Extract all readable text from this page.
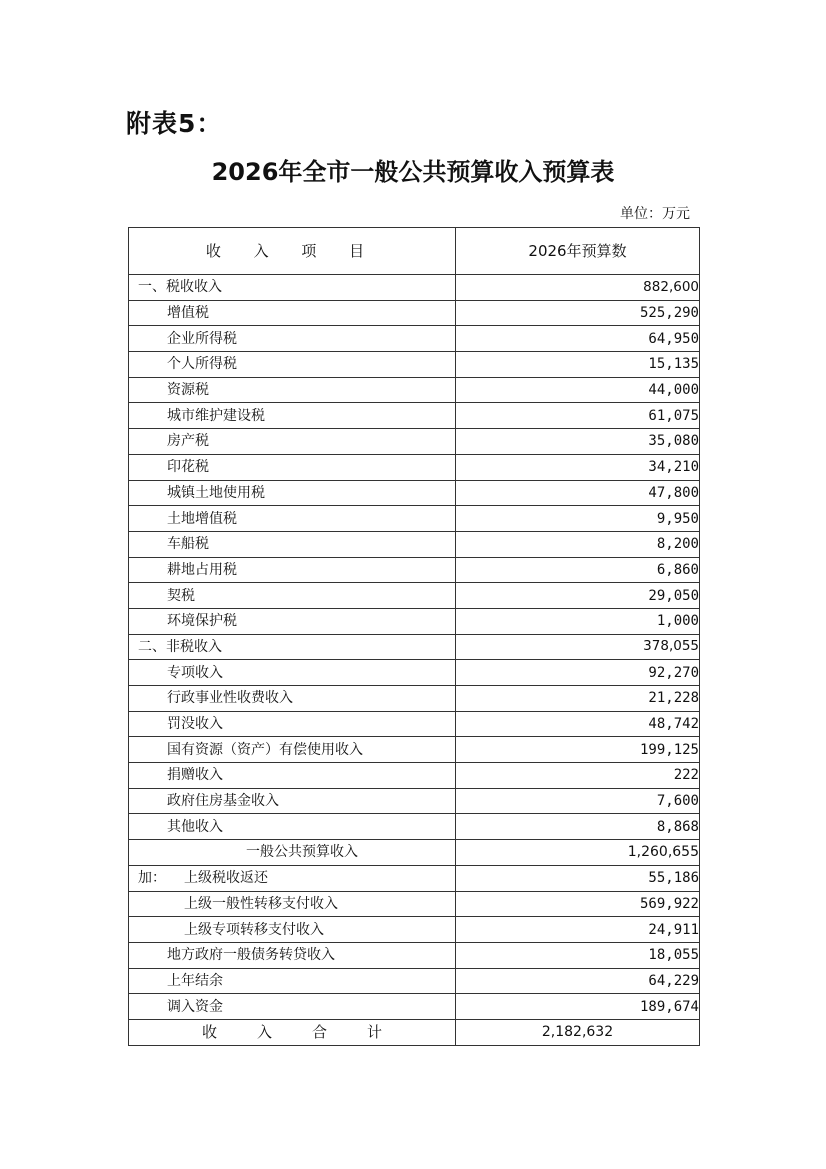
附表5：
2026年全市一般公共预算收入预算表
单位：万元
收 入 项 目	2026年预算数
一、税收收入	882,600
增值税	525,290
企业所得税	64,950
个人所得税	15,135
资源税	44,000
城市维护建设税	61,075
房产税	35,080
印花税	34,210
城镇土地使用税	47,800
土地增值税	9,950
车船税	8,200
耕地占用税	6,860
契税	29,050
环境保护税	1,000
二、非税收入	378,055
专项收入	92,270
行政事业性收费收入	21,228
罚没收入	48,742
国有资源（资产）有偿使用收入	199,125
捐赠收入	222
政府住房基金收入	7,600
其他收入	8,868
一般公共预算收入	1,260,655
加： 上级税收返还	55,186
上级一般性转移支付收入	569,922
上级专项转移支付收入	24,911
地方政府一般债务转贷收入	18,055
上年结余	64,229
调入资金	189,674
收入合计	2,182,632
